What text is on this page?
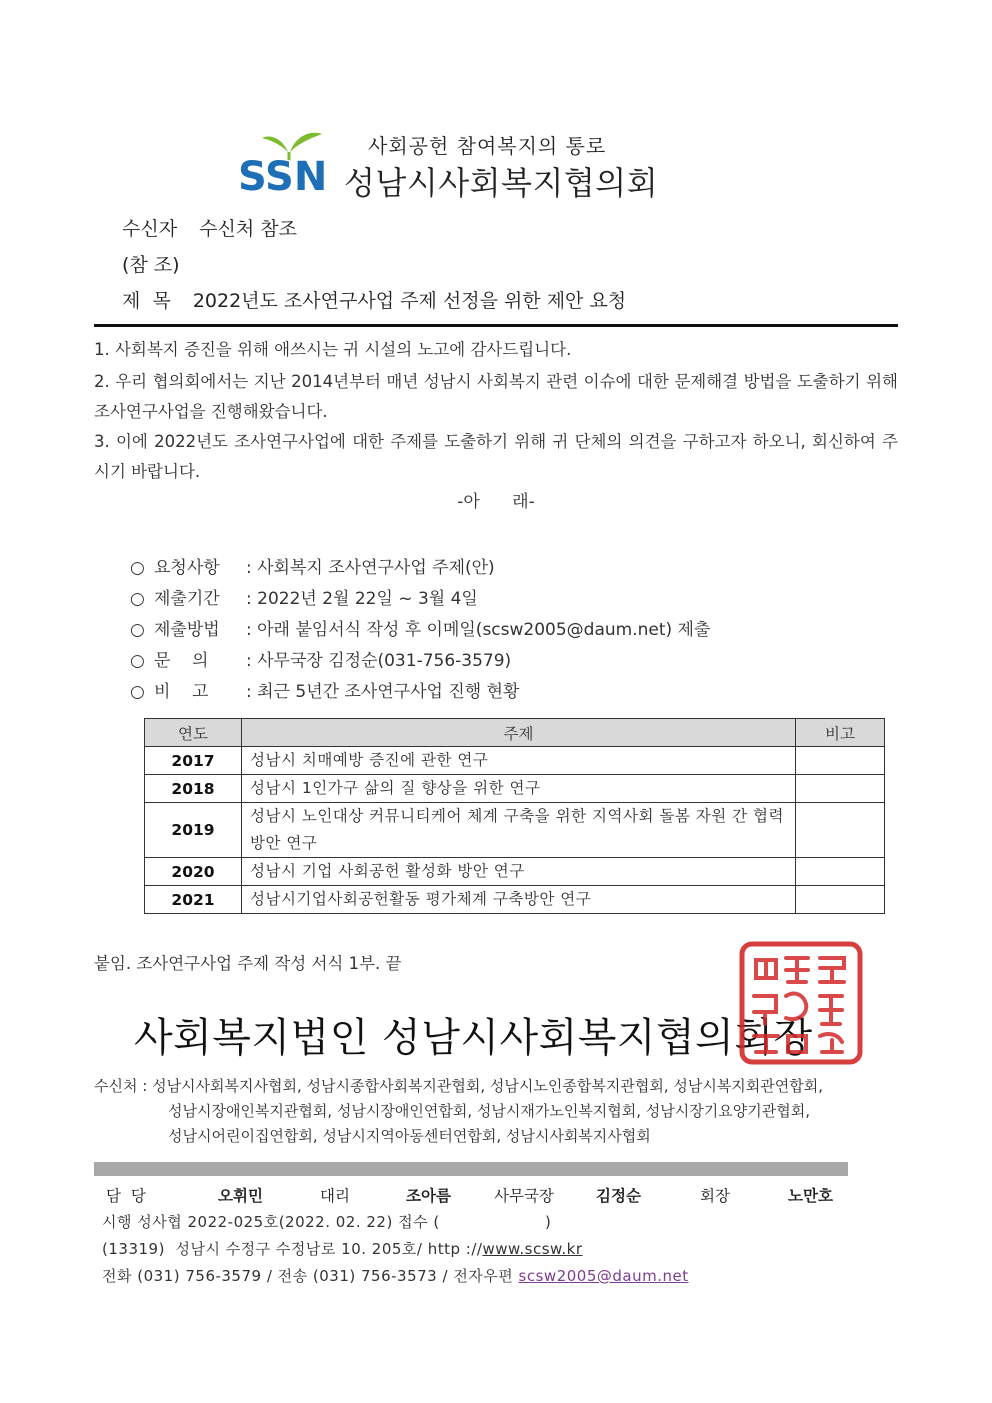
사회공헌 참여복지의 통로
SSN 성남시사회복지협의회
수신자 수신처 참조
(참 조)
제  목 2022년도 조사연구사업 주제 선정을 위한 제안 요청
1. 사회복지 증진을 위해 애쓰시는 귀 시설의 노고에 감사드립니다.
2. 우리 협의회에서는 지난 2014년부터 매년 성남시 사회복지 관련 이슈에 대한 문제해결 방법을 도출하기 위해 조사연구사업을 진행해왔습니다.
3. 이에 2022년도 조사연구사업에 대한 주제를 도출하기 위해 귀 단체의 의견을 구하고자 하오니, 회신하여 주시기 바랍니다.
-아      래-
○ 요청사항 : 사회복지 조사연구사업 주제(안)
○ 제출기간 : 2022년 2월 22일 ~ 3월 4일
○ 제출방법 : 아래 붙임서식 작성 후 이메일(scsw2005@daum.net) 제출
○ 문    의 : 사무국장 김정순(031-756-3579)
○ 비    고 : 최근 5년간 조사연구사업 진행 현황
연도	주제	비고
2017	성남시 치매예방 증진에 관한 연구	
2018	성남시 1인가구 삶의 질 향상을 위한 연구	
2019	성남시 노인대상 커뮤니티케어 체계 구축을 위한 지역사회 돌봄 자원 간 협력방안 연구	
2020	성남시 기업 사회공헌 활성화 방안 연구	
2021	성남시기업사회공헌활동 평가체계 구축방안 연구	
붙임. 조사연구사업 주제 작성 서식 1부. 끝
사회복지법인 성남시사회복지협의회장
수신처 : 성남시사회복지사협회, 성남시종합사회복지관협회, 성남시노인종합복지관협회, 성남시복지회관연합회,
성남시장애인복지관협회, 성남시장애인연합회, 성남시재가노인복지협회, 성남시장기요양기관협회,
성남시어린이집연합회, 성남시지역아동센터연합회, 성남시사회복지사협회
담  당	오휘민	대리	조아름	사무국장	김정순	회장	노만호
시행 성사협 2022-025호(2022. 02. 22) 접수 (                    )
(13319)  성남시 수정구 수정남로 10. 205호/ http ://www.scsw.kr
전화 (031) 756-3579 / 전송 (031) 756-3573 / 전자우편 scsw2005@daum.net
